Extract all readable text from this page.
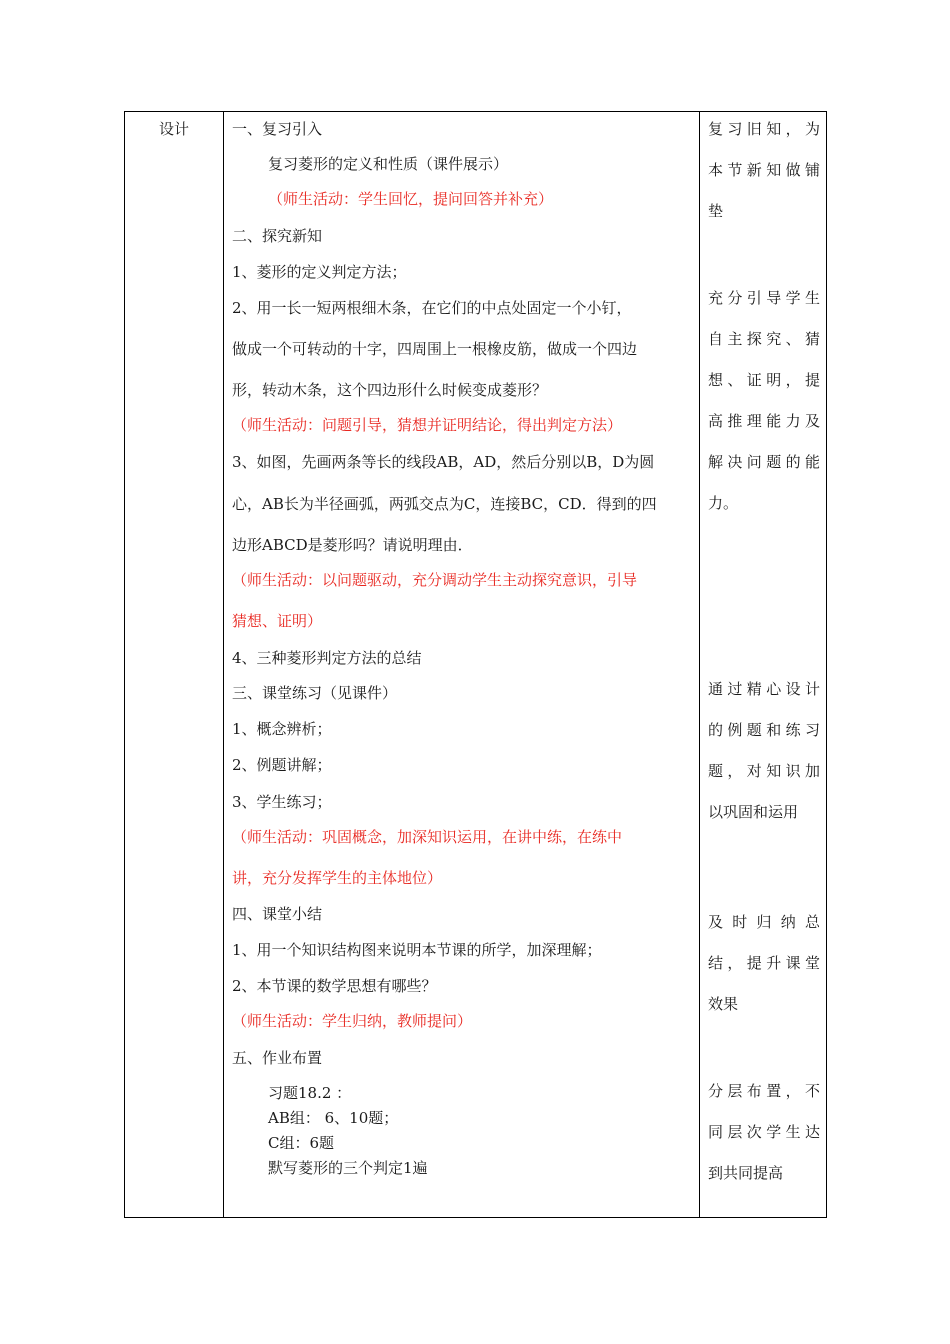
设计	一、复习引入
复习菱形的定义和性质（课件展示）
（师生活动：学生回忆，提问回答并补充）
二、探究新知
1、菱形的定义判定方法；
2、用一长一短两根细木条，在它们的中点处固定一个小钉，
做成一个可转动的十字，四周围上一根橡皮筋，做成一个四边
形，转动木条，这个四边形什么时候变成菱形？
（师生活动：问题引导，猜想并证明结论，得出判定方法）
3、如图，先画两条等长的线段AB，AD，然后分别以B，D为圆
心，AB长为半径画弧，两弧交点为C，连接BC，CD．得到的四
边形ABCD是菱形吗？请说明理由．
（师生活动：以问题驱动，充分调动学生主动探究意识，引导
猜想、证明）
4、三种菱形判定方法的总结
三、课堂练习（见课件）
1、概念辨析；
2、例题讲解；
3、学生练习；
（师生活动：巩固概念，加深知识运用，在讲中练，在练中
讲，充分发挥学生的主体地位）
四、课堂小结
1、用一个知识结构图来说明本节课的所学，加深理解；
2、本节课的数学思想有哪些？
（师生活动：学生归纳，教师提问）
五、作业布置
习题18.2 ：
AB组： 6、10题；
C组：6题
默写菱形的三个判定1遍
复习旧知，为
本节新知做铺
垫
充分引导学生
自主探究、猜
想、证明，提
高推理能力及
解决问题的能
力。
通过精心设计
的例题和练习
题，对知识加
以巩固和运用
及时归纳总
结，提升课堂
效果
分层布置，不
同层次学生达
到共同提高
